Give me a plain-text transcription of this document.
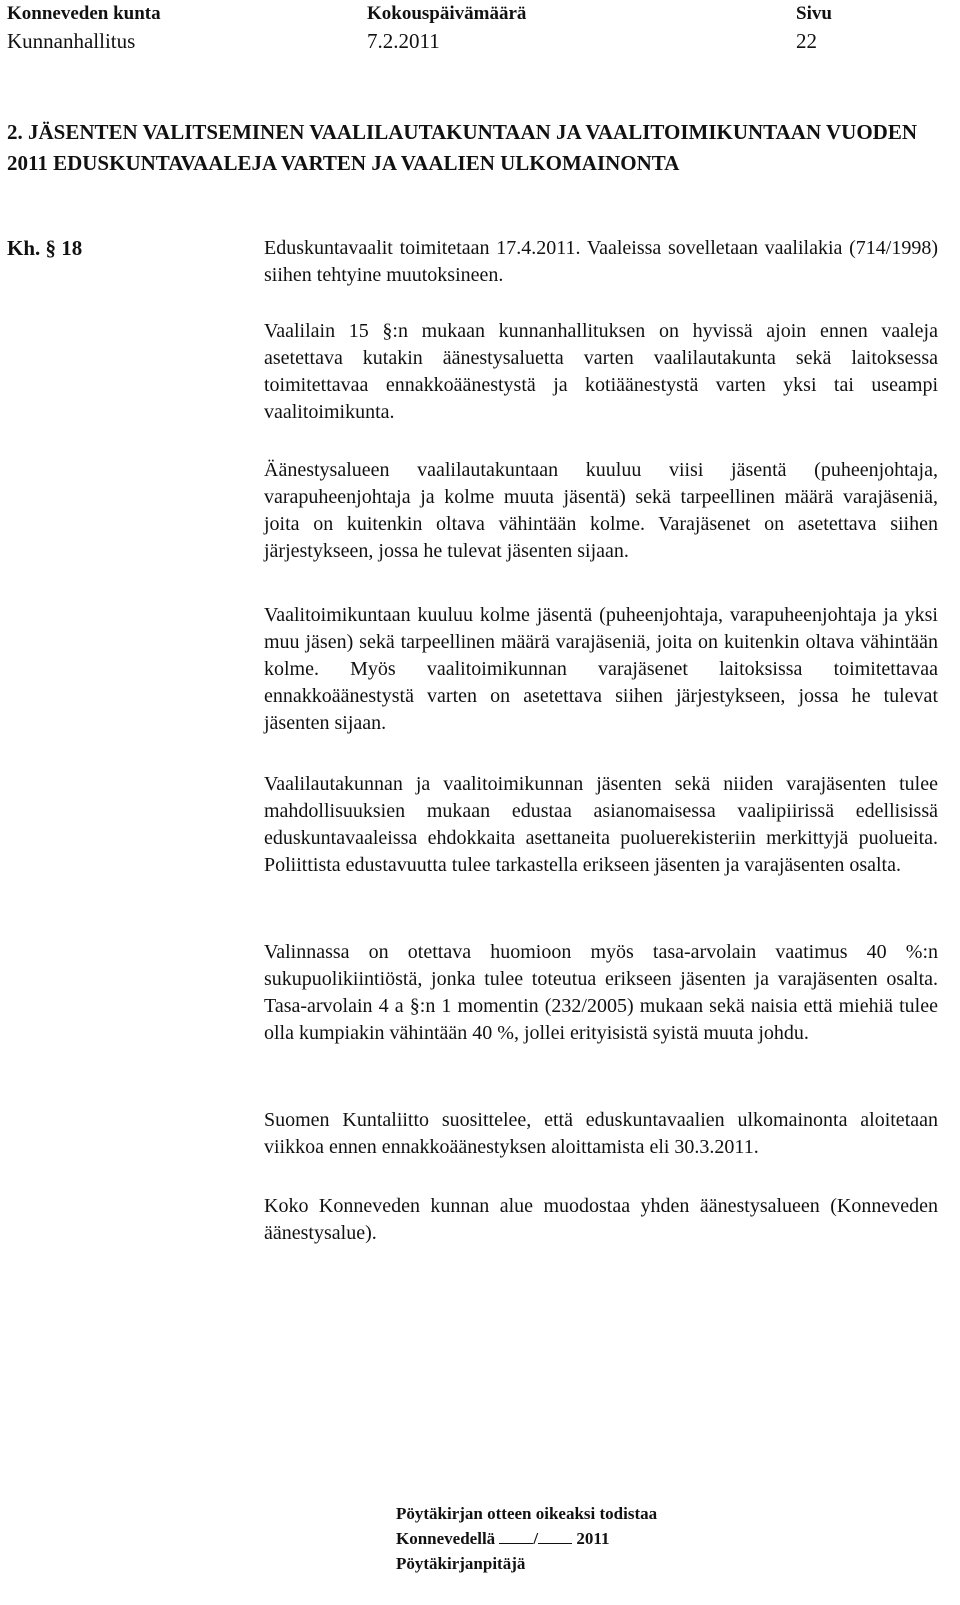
Konneveden kunta
Kunnanhallitus
Kokouspäivämäärä
7.2.2011
Sivu
22
2. JÄSENTEN VALITSEMINEN VAALILAUTAKUNTAAN JA VAALITOIMIKUNTAAN VUODEN 2011 EDUSKUNTAVAALEJA VARTEN JA VAALIEN ULKOMAINONTA
Kh. § 18	Eduskuntavaalit toimitetaan 17.4.2011. Vaaleissa sovelletaan vaalilakia (714/1998) siihen tehtyine muutoksineen.

Vaalilain 15 §:n mukaan kunnanhallituksen on hyvissä ajoin ennen vaaleja asetettava kutakin äänestysaluetta varten vaalilautakunta sekä laitoksessa toimitettavaa ennakkoäänestystä ja kotiäänestystä varten yksi tai useampi vaalitoimikunta.

Äänestysalueen vaalilautakuntaan kuuluu viisi jäsentä (puheenjohtaja, varapuheenjohtaja ja kolme muuta jäsentä) sekä tarpeellinen määrä varajäseniä, joita on kuitenkin oltava vähintään kolme. Varajäsenet on asetettava siihen järjestykseen, jossa he tulevat jäsenten sijaan.

Vaalitoimikuntaan kuuluu kolme jäsentä (puheenjohtaja, varapuheenjohtaja ja yksi muu jäsen) sekä tarpeellinen määrä varajäseniä, joita on kuitenkin oltava vähintään kolme. Myös vaalitoimikunnan varajäsenet laitoksissa toimitettavaa ennakkoäänestystä varten on asetettava siihen järjestykseen, jossa he tulevat jäsenten sijaan.

Vaalilautakunnan ja vaalitoimikunnan jäsenten sekä niiden varajäsenten tulee mahdollisuuksien mukaan edustaa asianomaisessa vaalipiirissä edellisissä eduskuntavaaleissa ehdokkaita asettaneita puoluerekisteriin merkittyjä puolueita. Poliittista edustavuutta tulee tarkastella erikseen jäsenten ja varajäsenten osalta.

Valinnassa on otettava huomioon myös tasa-arvolain vaatimus 40 %:n sukupuolikiintiöstä, jonka tulee toteutua erikseen jäsenten ja varajäsenten osalta. Tasa-arvolain 4 a §:n 1 momentin (232/2005) mukaan sekä naisia että miehiä tulee olla kumpiakin vähintään 40 %, jollei erityisistä syistä muuta johdu.

Suomen Kuntaliitto suosittelee, että eduskuntavaalien ulkomainonta aloitetaan viikkoa ennen ennakkoäänestyksen aloittamista eli 30.3.2011.

Koko Konneveden kunnan alue muodostaa yhden äänestysalueen (Konneveden äänestysalue).

Pöytäkirjan otteen oikeaksi todistaa
Konnevedellä / 2011
Pöytäkirjanpitäjä
